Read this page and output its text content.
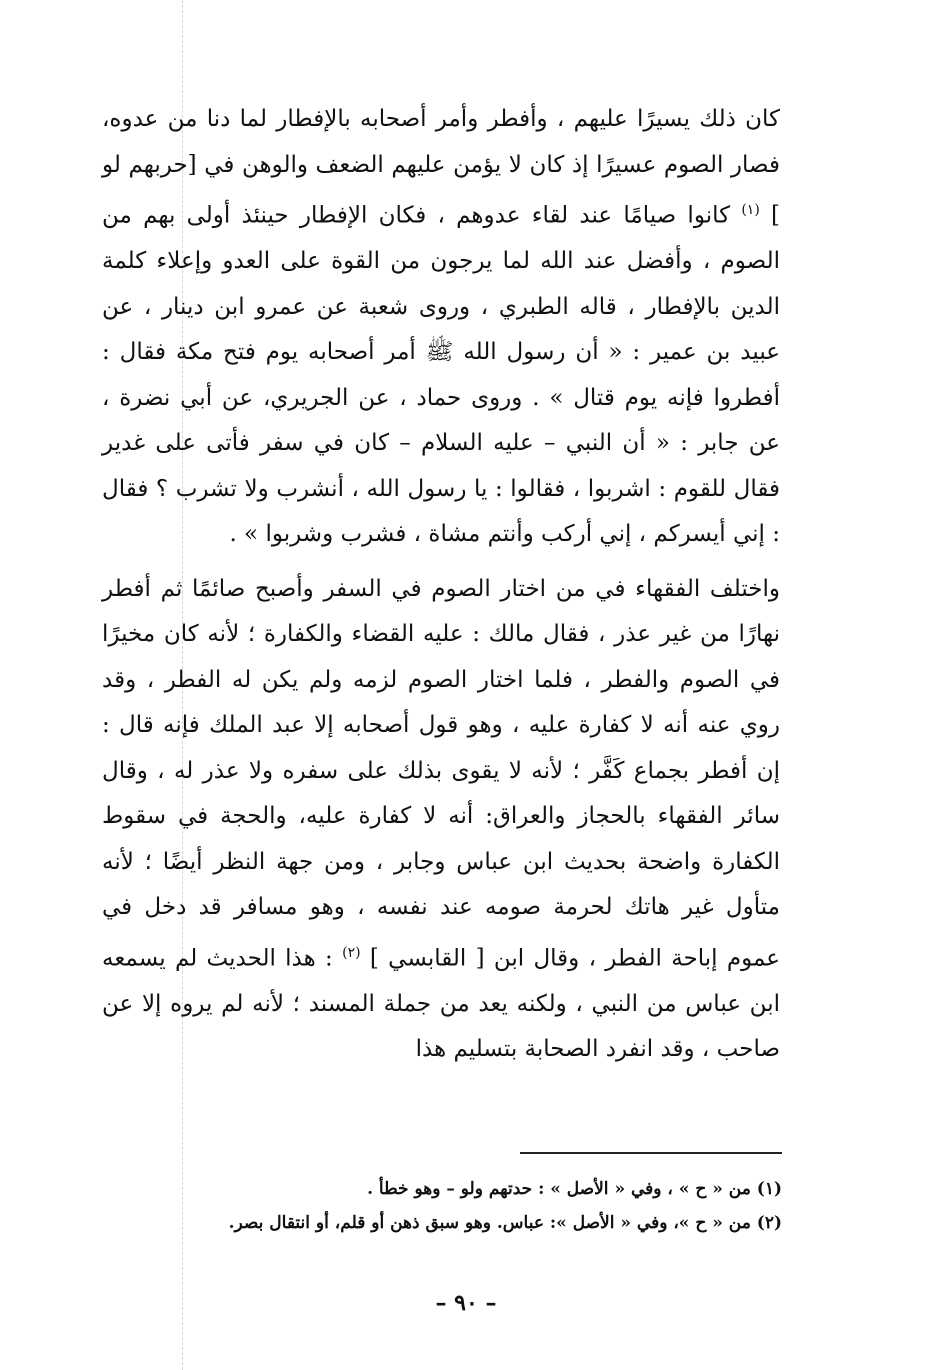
كان ذلك يسيرًا عليهم ، وأفطر وأمر أصحابه بالإفطار لما دنا من عدوه، فصار الصوم عسيرًا إذ كان لا يؤمن عليهم الضعف والوهن في [حربهم لو ] $^{(١)}$ كانوا صيامًا عند لقاء عدوهم ، فكان الإفطار حينئذ أولى بهم من الصوم ، وأفضل عند الله لما يرجون من القوة على العدو وإعلاء كلمة الدين بالإفطار ، قاله الطبري ، وروى شعبة عن عمرو ابن دينار ، عن عبيد بن عمير : « أن رسول الله ﷺ أمر أصحابه يوم فتح مكة فقال : أفطروا فإنه يوم قتال » . وروى حماد ، عن الجريري، عن أبي نضرة ، عن جابر : « أن النبي – عليه السلام – كان في سفر فأتى على غدير فقال للقوم : اشربوا ، فقالوا : يا رسول الله ، أنشرب ولا تشرب ؟ فقال : إني أيسركم ، إني أركب وأنتم مشاة ، فشرب وشربوا » .

واختلف الفقهاء في من اختار الصوم في السفر وأصبح صائمًا ثم أفطر نهارًا من غير عذر ، فقال مالك : عليه القضاء والكفارة ؛ لأنه كان مخيرًا في الصوم والفطر ، فلما اختار الصوم لزمه ولم يكن له الفطر ، وقد روي عنه أنه لا كفارة عليه ، وهو قول أصحابه إلا عبد الملك فإنه قال : إن أفطر بجماع كَفَّر ؛ لأنه لا يقوى بذلك على سفره ولا عذر له ، وقال سائر الفقهاء بالحجاز والعراق: أنه لا كفارة عليه، والحجة في سقوط الكفارة واضحة بحديث ابن عباس وجابر ، ومن جهة النظر أيضًا ؛ لأنه متأول غير هاتك لحرمة صومه عند نفسه ، وهو مسافر قد دخل في عموم إباحة الفطر ، وقال ابن [ القابسي ] $^{(٢)}$ : هذا الحديث لم يسمعه ابن عباس من النبي ، ولكنه يعد من جملة المسند ؛ لأنه لم يروه إلا عن صاحب ، وقد انفرد الصحابة بتسليم هذا

(١) من « ح » ، وفي « الأصل » : حدتهم ولو – وهو خطأ .

(٢) من « ح »، وفي « الأصل »: عباس. وهو سبق ذهن أو قلم، أو انتقال بصر.

– ٩٠ –
